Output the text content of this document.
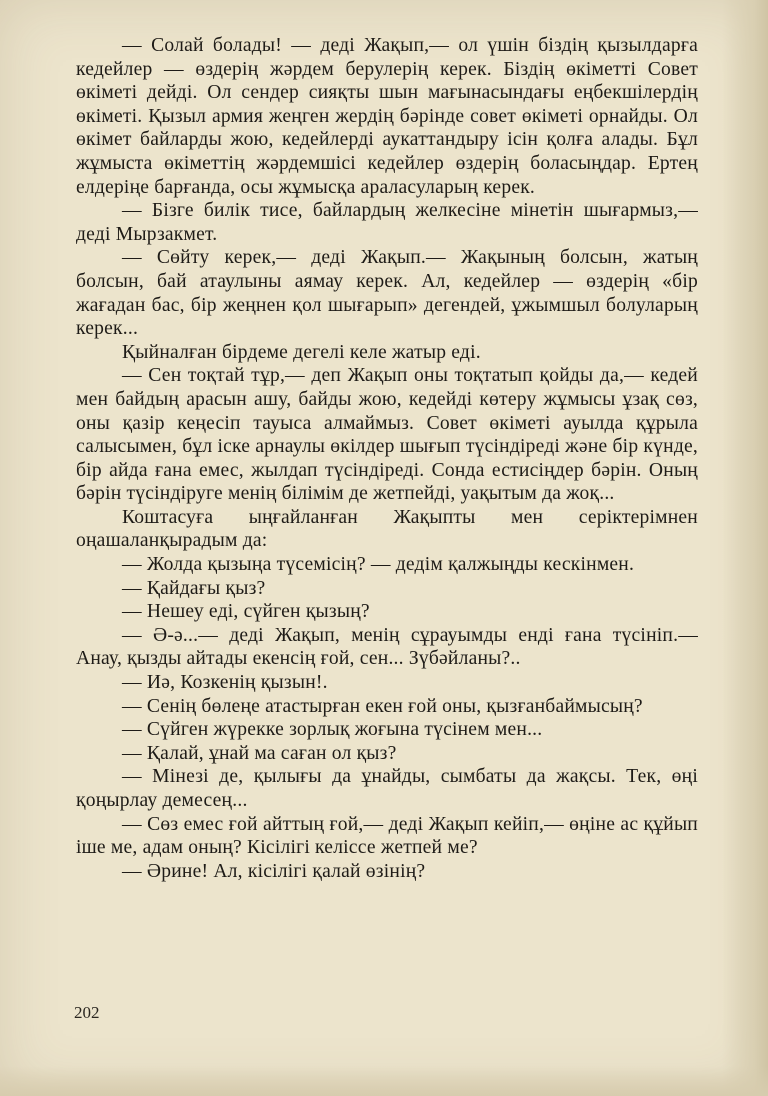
— Солай болады! — деді Жақып,— ол үшін біздің қызылдарға кедейлер — өздерің жәрдем берулерің керек. Біздің өкіметті Совет өкіметі дейді. Ол сендер сияқты шын мағынасындағы еңбекшілердің өкіметі. Қызыл армия жеңген жердің бәрінде совет өкіметі орнайды. Ол өкімет байларды жою, кедейлерді аукаттандыру ісін қолға алады. Бұл жұмыста өкіметтің жәрдемшісі кедейлер өздерің боласыңдар. Ертең елдеріңе барғанда, осы жұмысқа араласуларың керек.

— Бізге билік тисе, байлардың желкесіне мінетін шығармыз,— деді Мырзакмет.

— Сөйту керек,— деді Жақып.— Жақының болсын, жатың болсын, бай атаулыны аямау керек. Ал, кедейлер — өздерің «бір жағадан бас, бір жеңнен қол шығарып» дегендей, ұжымшыл болуларың керек...

Қыйналған бірдеме дегелі келе жатыр еді.

— Сен тоқтай тұр,— деп Жақып оны тоқтатып қойды да,— кедей мен байдың арасын ашу, байды жою, кедейді көтеру жұмысы ұзақ сөз, оны қазір кеңесіп тауыса алмаймыз. Совет өкіметі ауылда құрыла салысымен, бұл іске арнаулы өкілдер шығып түсіндіреді және бір күнде, бір айда ғана емес, жылдап түсіндіреді. Сонда естисіңдер бәрін. Оның бәрін түсіндіруге менің білімім де жетпейді, уақытым да жоқ...

Коштасуға ыңғайланған Жақыпты мен серіктерімнен оңашаланқырадым да:

— Жолда қызыңа түсемісің? — дедім қалжыңды кескінмен.

— Қайдағы қыз?

— Нешеу еді, сүйген қызың?

— Ә-ә...— деді Жақып, менің сұрауымды енді ғана түсініп.— Анау, қызды айтады екенсің ғой, сен... Зүбәйланы?..

— Иә, Козкенің қызын!.

— Сенің бөлеңе атастырған екен ғой оны, қызғанбаймысың?

— Сүйген жүрекке зорлық жоғына түсінем мен...

— Қалай, ұнай ма саған ол қыз?

— Мінезі де, қылығы да ұнайды, сымбаты да жақсы. Тек, өңі қоңырлау демесең...

— Сөз емес ғой айттың ғой,— деді Жақып кейіп,— өңіне ас құйып іше ме, адам оның? Кісілігі келіссе жетпей ме?

— Әрине! Ал, кісілігі қалай өзінің?

202
